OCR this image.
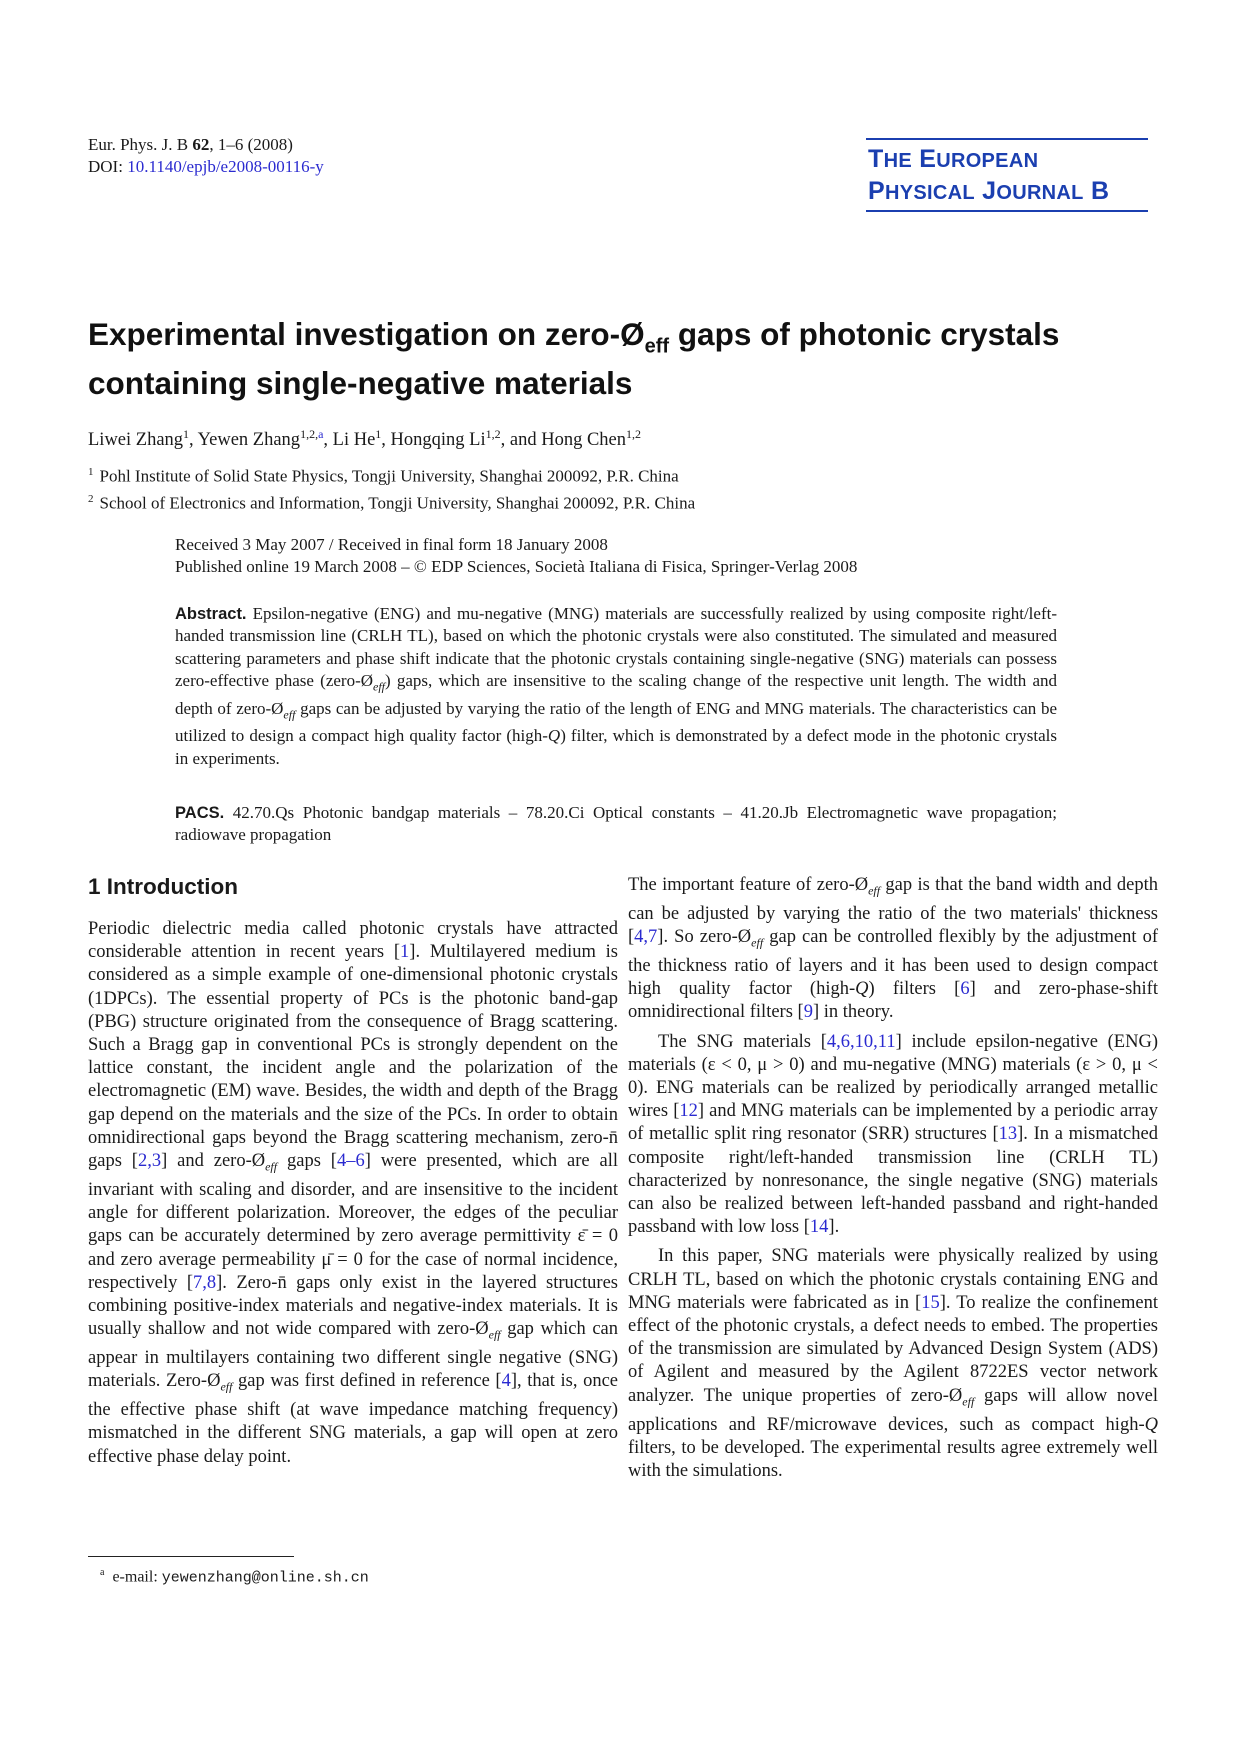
Eur. Phys. J. B 62, 1–6 (2008)
DOI: 10.1140/epjb/e2008-00116-y	THE EUROPEAN
PHYSICAL JOURNAL B
Experimental investigation on zero-$Ø_{eff}$ gaps of photonic crystals
containing single-negative materials
Liwei Zhang$^1$, Yewen Zhang$^{1,2,a}$, Li He$^1$, Hongqing Li$^{1,2}$, and Hong Chen$^{1,2}$
$^1$ Pohl Institute of Solid State Physics, Tongji University, Shanghai 200092, P.R. China
$^2$ School of Electronics and Information, Tongji University, Shanghai 200092, P.R. China
Received 3 May 2007 / Received in final form 18 January 2008
Published online 19 March 2008 – © EDP Sciences, Società Italiana di Fisica, Springer-Verlag 2008
Abstract. Epsilon-negative (ENG) and mu-negative (MNG) materials are successfully realized by using composite right/left-handed transmission line (CRLH TL), based on which the photonic crystals were also constituted. The simulated and measured scattering parameters and phase shift indicate that the photonic crystals containing single-negative (SNG) materials can possess zero-effective phase $(zero-Ø_{eff})$ gaps, which are insensitive to the scaling change of the respective unit length. The width and depth of zero-$Ø_{eff}$ gaps can be adjusted by varying the ratio of the length of ENG and MNG materials. The characteristics can be utilized to design a compact high quality factor (high-Q) filter, which is demonstrated by a defect mode in the photonic crystals in experiments.
PACS. 42.70.Qs Photonic bandgap materials – 78.20.Ci Optical constants – 41.20.Jb Electromagnetic wave propagation; radiowave propagation
1 Introduction

Periodic dielectric media called photonic crystals have attracted considerable attention in recent years [1]. Multilayered medium is considered as a simple example of one-dimensional photonic crystals (1DPCs). The essential property of PCs is the photonic band-gap (PBG) structure originated from the consequence of Bragg scattering. Such a Bragg gap in conventional PCs is strongly dependent on the lattice constant, the incident angle and the polarization of the electromagnetic (EM) wave. Besides, the width and depth of the Bragg gap depend on the materials and the size of the PCs. In order to obtain omnidirectional gaps beyond the Bragg scattering mechanism, zero-n̄ gaps [2,3] and zero-$Ø_{eff}$ gaps [4–6] were presented, which are all invariant with scaling and disorder, and are insensitive to the incident angle for different polarization. Moreover, the edges of the peculiar gaps can be accurately determined by zero average permittivity ε̄ = 0 and zero average permeability μ̄ = 0 for the case of normal incidence, respectively [7,8]. Zero-n̄ gaps only exist in the layered structures combining positive-index materials and negative-index materials. It is usually shallow and not wide compared with zero-$Ø_{eff}$ gap which can appear in multilayers containing two different single negative (SNG) materials. Zero-$Ø_{eff}$ gap was first defined in reference [4], that is, once the effective phase shift (at wave impedance matching frequency) mismatched in the different SNG materials, a gap will open at zero effective phase delay point.

The important feature of zero-$Ø_{eff}$ gap is that the band width and depth can be adjusted by varying the ratio of the two materials' thickness [4,7]. So zero-$Ø_{eff}$ gap can be controlled flexibly by the adjustment of the thickness ratio of layers and it has been used to design compact high quality factor (high-Q) filters [6] and zero-phase-shift omnidirectional filters [9] in theory.

The SNG materials [4,6,10,11] include epsilon-negative (ENG) materials (ε < 0, μ > 0) and mu-negative (MNG) materials (ε > 0, μ < 0). ENG materials can be realized by periodically arranged metallic wires [12] and MNG materials can be implemented by a periodic array of metallic split ring resonator (SRR) structures [13]. In a mismatched composite right/left-handed transmission line (CRLH TL) characterized by nonresonance, the single negative (SNG) materials can also be realized between left-handed passband and right-handed passband with low loss [14].

In this paper, SNG materials were physically realized by using CRLH TL, based on which the photonic crystals containing ENG and MNG materials were fabricated as in [15]. To realize the confinement effect of the photonic crystals, a defect needs to embed. The properties of the transmission are simulated by Advanced Design System (ADS) of Agilent and measured by the Agilent 8722ES vector network analyzer. The unique properties of zero-$Ø_{eff}$ gaps will allow novel applications and RF/microwave devices, such as compact high-Q filters, to be developed. The experimental results agree extremely well with the simulations.

$^a$ e-mail: yewenzhang@online.sh.cn
